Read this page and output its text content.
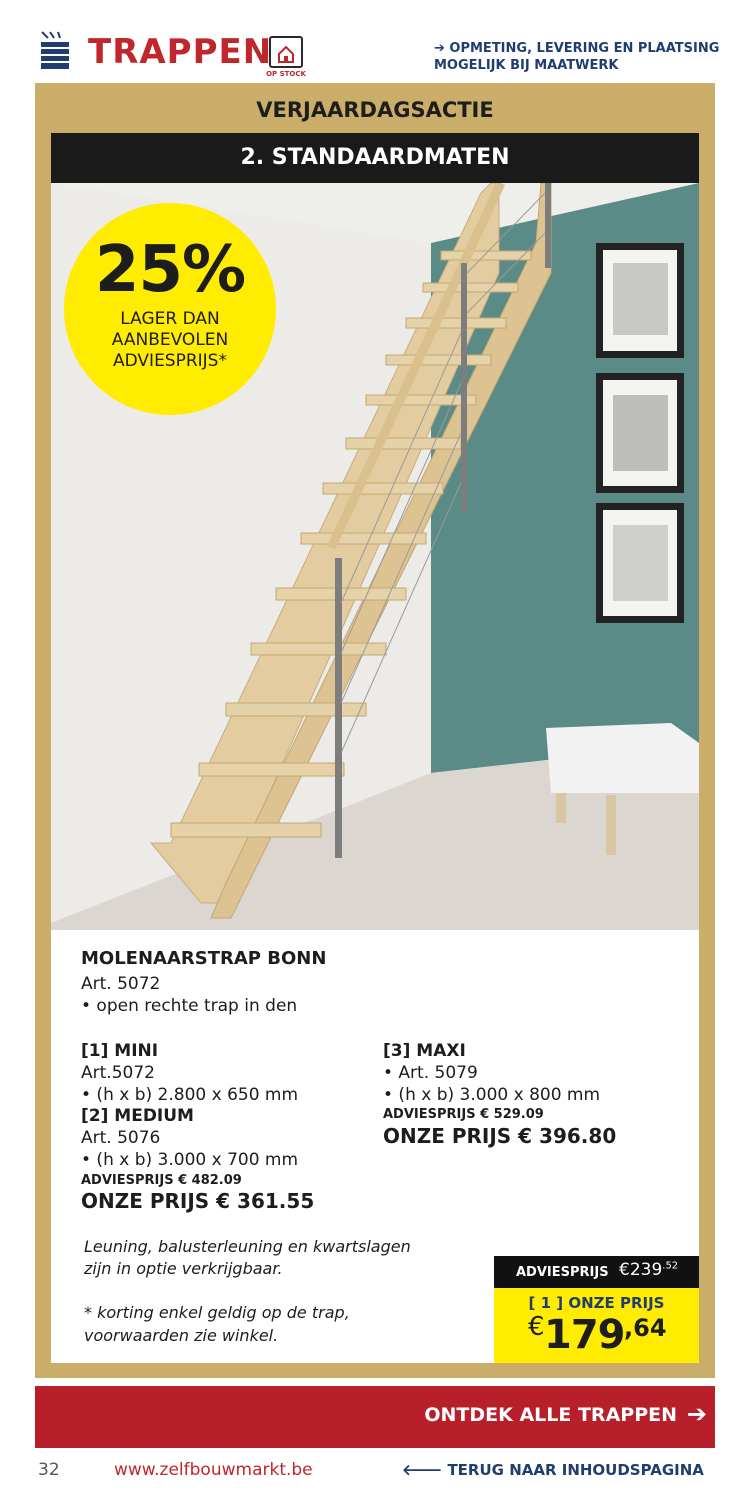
TRAPPEN
OP STOCK
➔ OPMETING, LEVERING EN PLAATSING
MOGELIJK BIJ MAATWERK
VERJAARDAGSACTIE
2. STANDAARDMATEN
25%
LAGER DAN
AANBEVOLEN
ADVIESPRIJS*
MOLENAARSTRAP BONN
Art. 5072
• open rechte trap in den
[1] MINI
Art.5072
• (h x b) 2.800 x 650 mm
[2] MEDIUM
Art. 5076
• (h x b) 3.000 x 700 mm
ADVIESPRIJS € 482.09
ONZE PRIJS € 361.55
[3] MAXI
• Art. 5079
• (h x b) 3.000 x 800 mm
ADVIESPRIJS € 529.09
ONZE PRIJS € 396.80
Leuning, balusterleuning en kwartslagen
zijn in optie verkrijgbaar.
* korting enkel geldig op de trap,
voorwaarden zie winkel.
ADVIESPRIJS $€239^{.52}$
[ 1 ] ONZE PRIJS
€ 179 ,64
ONTDEK ALLE TRAPPEN ➔
32	www.zelfbouwmarkt.be	🡐 TERUG NAAR INHOUDSPAGINA
